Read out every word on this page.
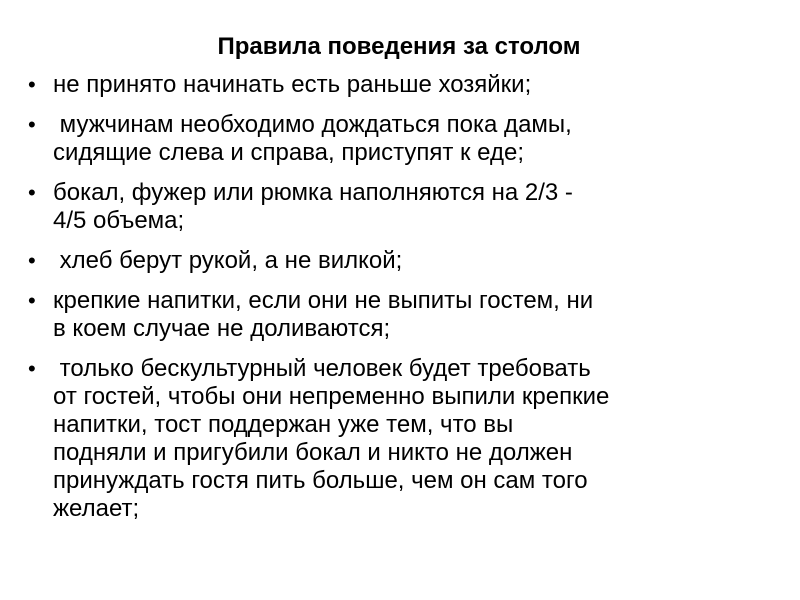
Правила поведения за столом
• не принято начинать есть раньше хозяйки;
• мужчинам необходимо дождаться пока дамы,
сидящие слева и справа, приступят к еде;
• бокал, фужер или рюмка наполняются на 2/3 -
4/5 объема;
• хлеб берут рукой, а не вилкой;
• крепкие напитки, если они не выпиты гостем, ни
в коем случае не доливаются;
• только бескультурный человек будет требовать
от гостей, чтобы они непременно выпили крепкие
напитки, тост поддержан уже тем, что вы
подняли и пригубили бокал и никто не должен
принуждать гостя пить больше, чем он сам того
желает;
